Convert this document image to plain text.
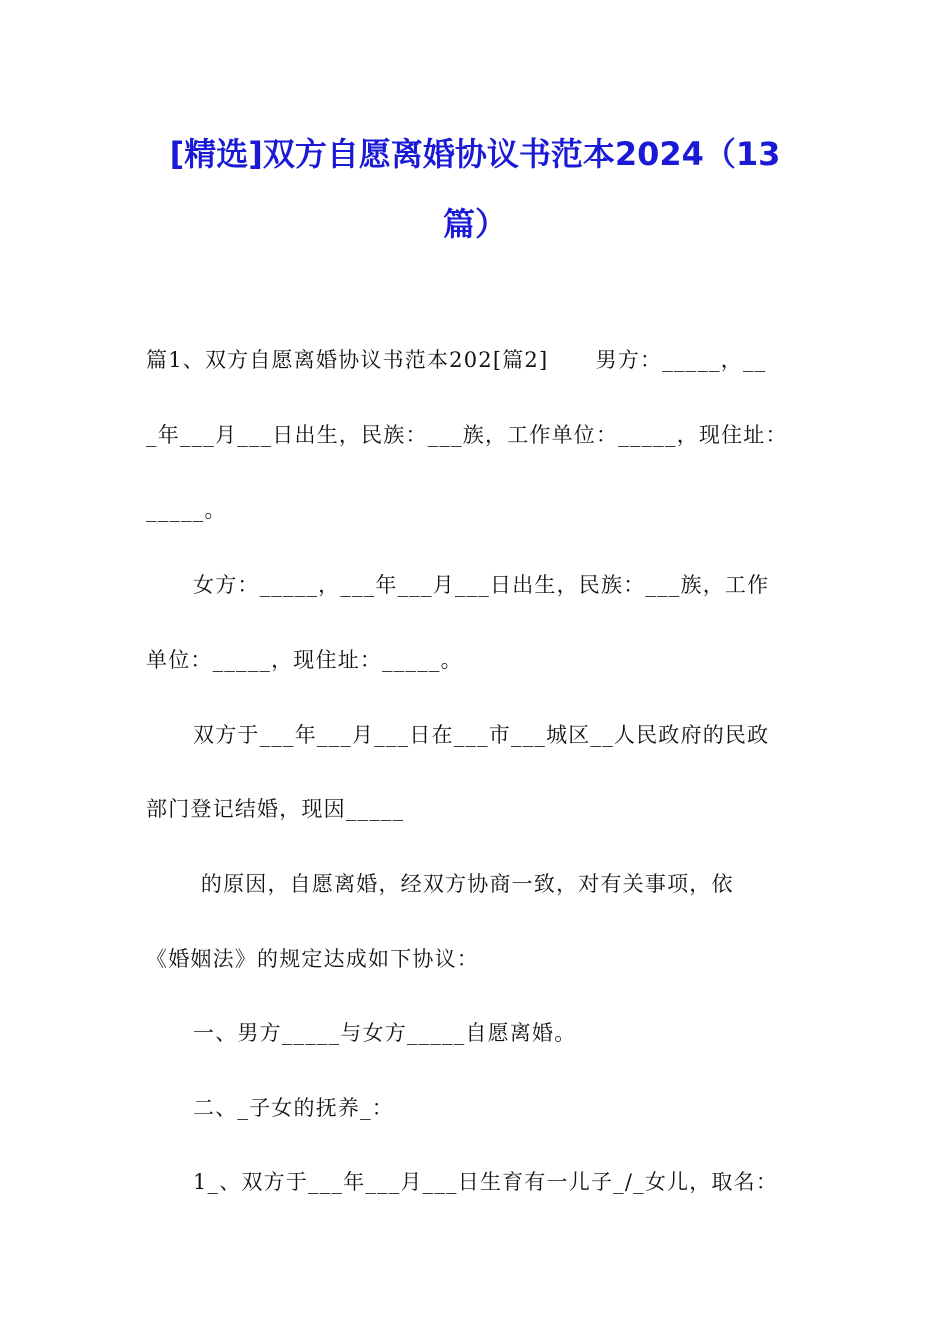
[精选]双方自愿离婚协议书范本2024（13
篇）
篇1、双方自愿离婚协议书范本202[篇2]      男方：_____，__
_年___月___日出生，民族：___族，工作单位：_____，现住址：
_____。
女方：_____，___年___月___日出生，民族：___族，工作
单位：_____，现住址：_____。
双方于___年___月___日在___市___城区__人民政府的民政
部门登记结婚，现因_____
的原因，自愿离婚，经双方协商一致，对有关事项，依
《婚姻法》的规定达成如下协议：
一、男方_____与女方_____自愿离婚。
二、_子女的抚养_：
1_、双方于___年___月___日生育有一儿子_/_女儿，取名：
